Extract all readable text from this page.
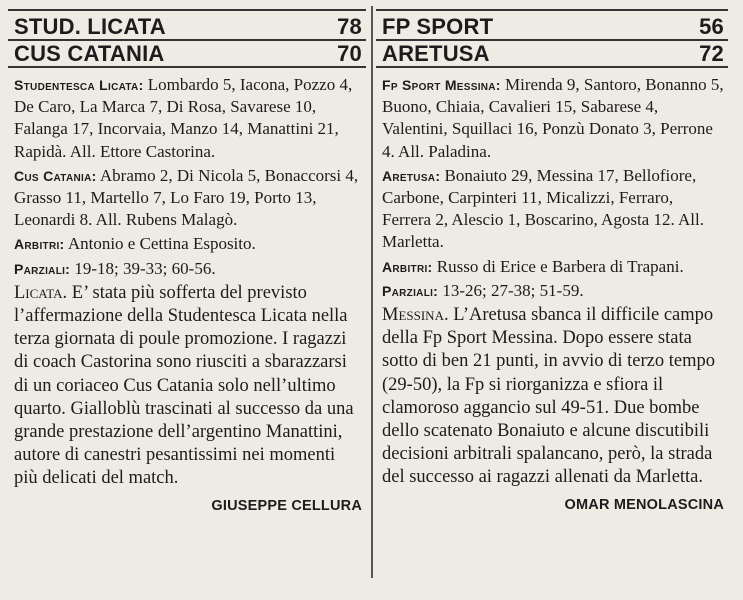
STUD. LICATA	78
CUS CATANIA	70

Studentesca Licata: Lombardo 5, Iacona, Pozzo 4, De Caro, La Marca 7, Di Rosa, Savarese 10, Falanga 17, Incorvaia, Manzo 14, Manattini 21, Rapidà. All. Ettore Castorina.

Cus Catania: Abramo 2, Di Nicola 5, Bonaccorsi 4, Grasso 11, Martello 7, Lo Faro 19, Porto 13, Leonardi 8. All. Rubens Malagò.

Arbitri: Antonio e Cettina Esposito.

Parziali: 19-18; 39-33; 60-56.

Licata. E’ stata più sofferta del previsto l’affermazione della Studentesca Licata nella terza giornata di poule promozione. I ragazzi di coach Castorina sono riusciti a sbarazzarsi di un coriaceo Cus Catania solo nell’ultimo quarto. Gialloblù trascinati al successo da una grande prestazione dell’argentino Manattini, autore di canestri pesantissimi nei momenti più delicati del match.

GIUSEPPE CELLURA
FP SPORT	56
ARETUSA	72

Fp Sport Messina: Mirenda 9, Santoro, Bonanno 5, Buono, Chiaia, Cavalieri 15, Sabarese 4, Valentini, Squillaci 16, Ponzù Donato 3, Perrone 4. All. Paladina.

Aretusa: Bonaiuto 29, Messina 17, Bellofiore, Carbone, Carpinteri 11, Micalizzi, Ferraro, Ferrera 2, Alescio 1, Boscarino, Agosta 12. All. Marletta.

Arbitri: Russo di Erice e Barbera di Trapani.

Parziali: 13-26; 27-38; 51-59.

Messina. L’Aretusa sbanca il difficile campo della Fp Sport Messina. Dopo essere stata sotto di ben 21 punti, in avvio di terzo tempo (29-50), la Fp si riorganizza e sfiora il clamoroso aggancio sul 49-51. Due bombe dello scatenato Bonaiuto e alcune discutibili decisioni arbitrali spalancano, però, la strada del successo ai ragazzi allenati da Marletta.

OMAR MENOLASCINA
